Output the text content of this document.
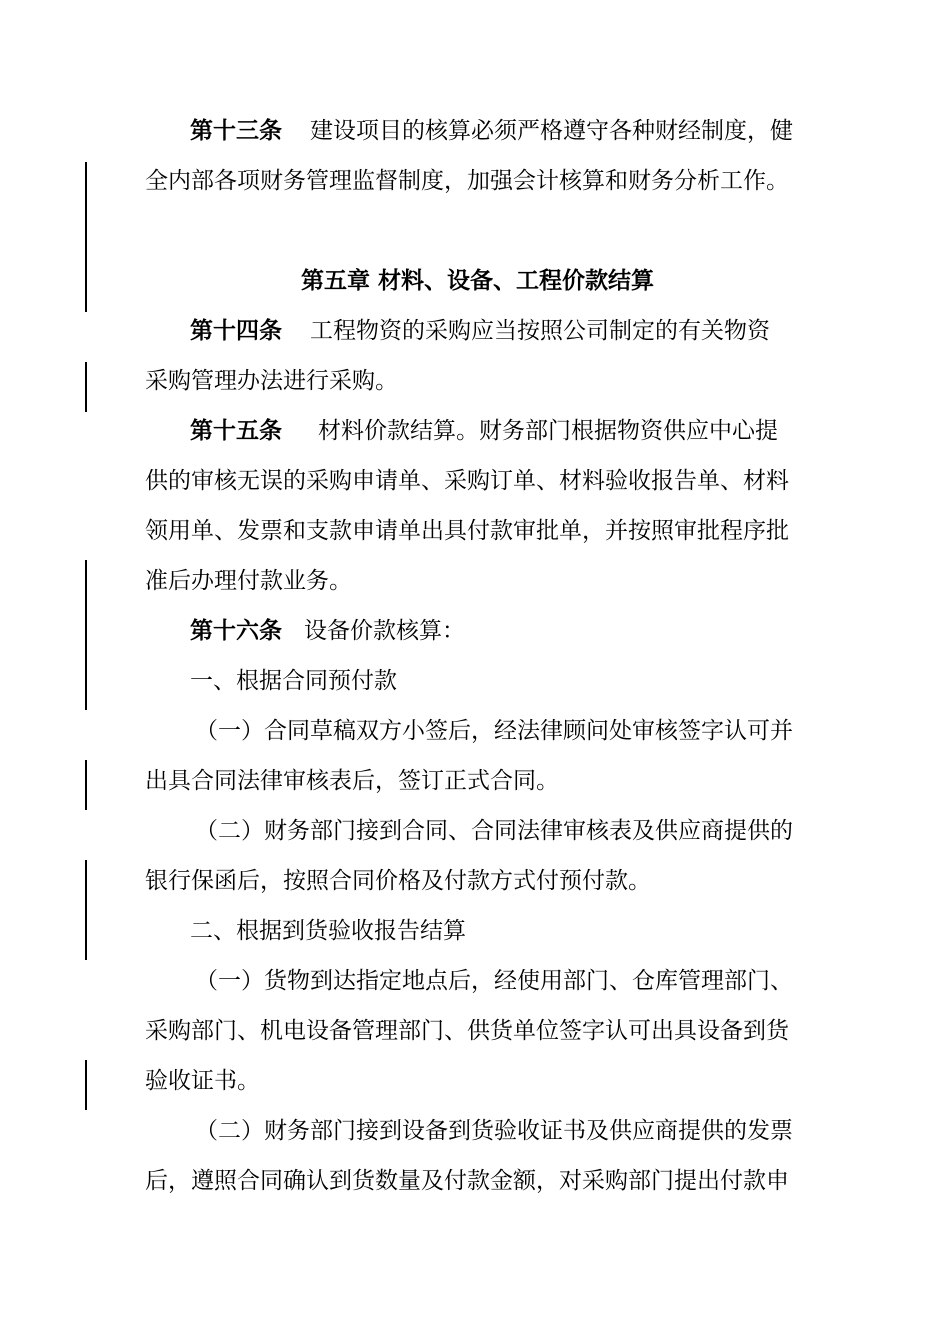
第十三条 建设项目的核算必须严格遵守各种财经制度，健
全内部各项财务管理监督制度，加强会计核算和财务分析工作。
第五章 材料、设备、工程价款结算
第十四条 工程物资的采购应当按照公司制定的有关物资
采购管理办法进行采购。
第十五条 材料价款结算。财务部门根据物资供应中心提
供的审核无误的采购申请单、采购订单、材料验收报告单、材料
领用单、发票和支款申请单出具付款审批单，并按照审批程序批
准后办理付款业务。
第十六条 设备价款核算：
一、根据合同预付款
（一）合同草稿双方小签后，经法律顾问处审核签字认可并
出具合同法律审核表后，签订正式合同。
（二）财务部门接到合同、合同法律审核表及供应商提供的
银行保函后，按照合同价格及付款方式付预付款。
二、根据到货验收报告结算
（一）货物到达指定地点后，经使用部门、仓库管理部门、
采购部门、机电设备管理部门、供货单位签字认可出具设备到货
验收证书。
（二）财务部门接到设备到货验收证书及供应商提供的发票
后，遵照合同确认到货数量及付款金额，对采购部门提出付款申
